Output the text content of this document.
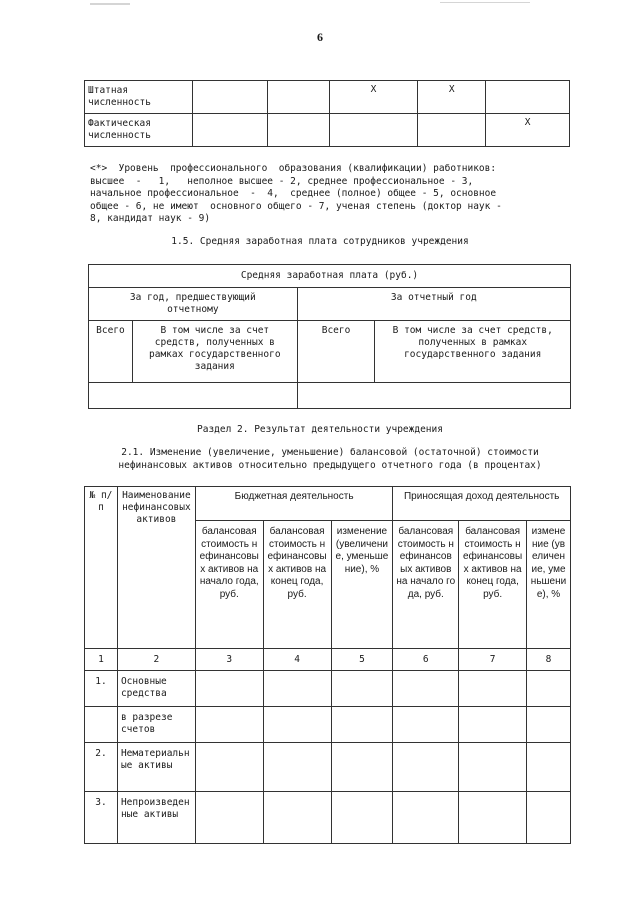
6
Штатная численность			X	X	
Фактическая численность					X
<*>  Уровень  профессионального  образования (квалификации) работников:
высшее  -   1,   неполное высшее - 2, среднее профессиональное - 3,
начальное профессиональное  -  4,  среднее (полное) общее - 5, основное
общее - 6, не имеют  основного общего - 7, ученая степень (доктор наук -
8, кандидат наук - 9)
1.5. Средняя заработная плата сотрудников учреждения
Средняя заработная плата (руб.)			
За год, предшествующий отчетному		За отчетный год	
Всего	В том числе за счет средств, полученных в рамках государственного задания	Всего	В том числе за счет средств, полученных в рамках государственного задания

Раздел 2. Результат деятельности учреждения
2.1. Изменение (увеличение, уменьшение) балансовой (остаточной) стоимости нефинансовых активов относительно предыдущего отчетного года (в процентах)
№ п/п	Наименование нефинансовых активов	Бюджетная деятельность			Приносящая доход деятельность		
		балансовая стоимость нефинансовых активов на начало года, руб.	балансовая стоимость нефинансовых активов на конец года, руб.	изменение (увеличение, уменьшение), %	балансовая стоимость нефинансовых активов на начало года, руб.	балансовая стоимость нефинансовых активов на конец года, руб.	изменение (увеличение, уменьшение), %
1	2	3	4	5	6	7	8
1.	Основные средства						
	в разрезе счетов						
2.	Нематериальные активы						
3.	Непроизведенные активы						
